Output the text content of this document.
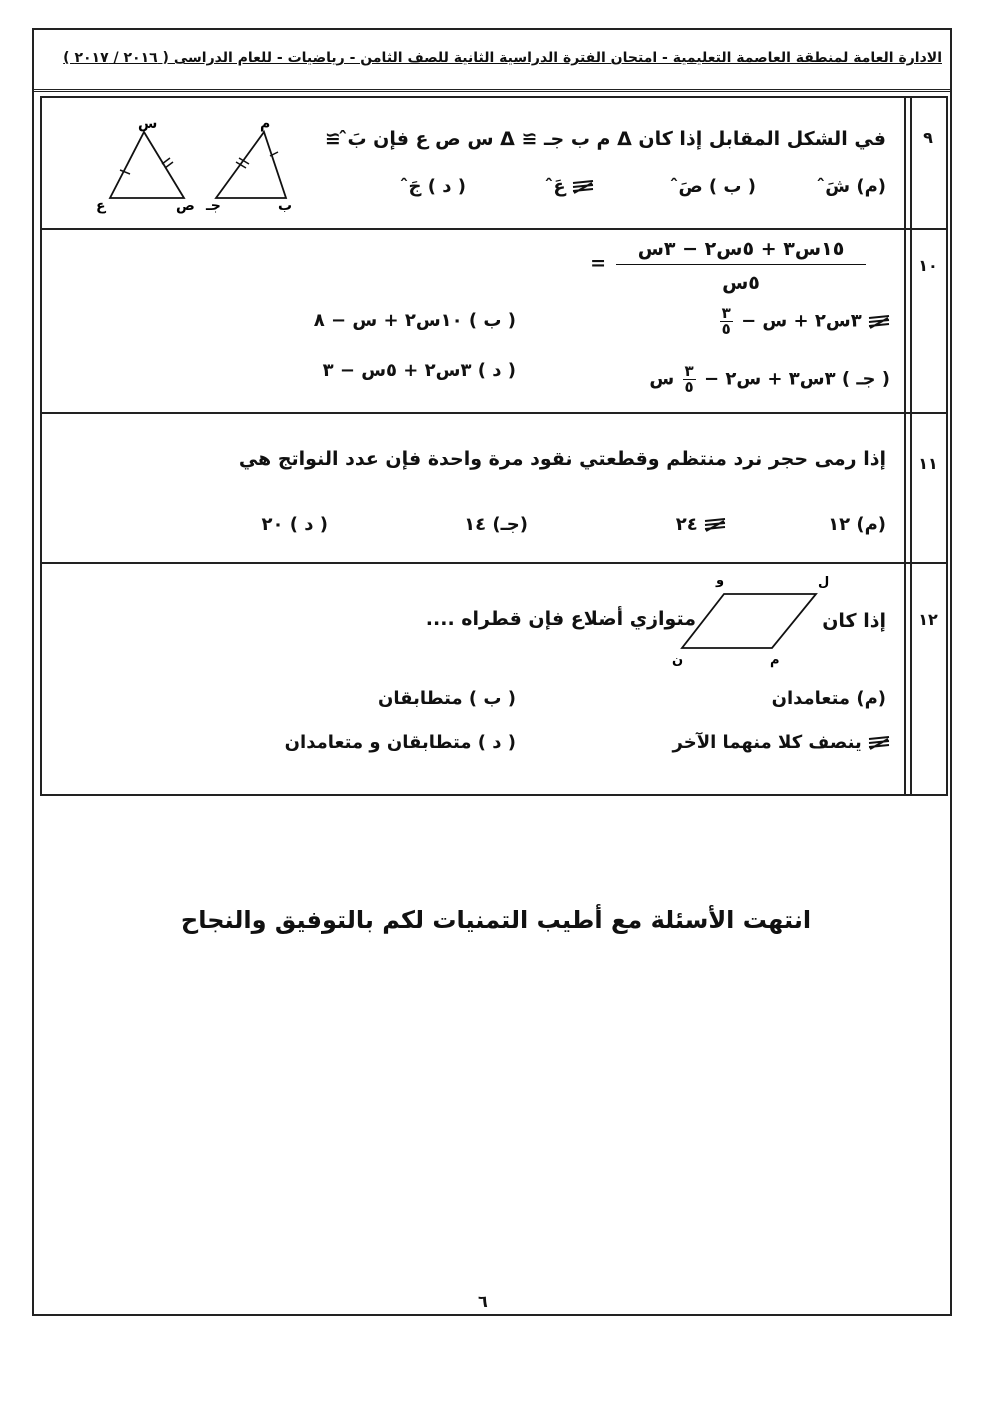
الادارة العامة لمنطقة العاصمة التعليمية - امتحان الفترة الدراسية الثانية للصف الثامن - رياضيات - للعام الدراسى ( ٢٠١٦ / ٢٠١٧ )
٩
في الشكل المقابل إذا كان Δ م ب جـ ≅ Δ س ص ع فإن بَ̂ ≅
(م) شَ̂
( ب ) صَ̂
عَ̂
( د ) جَ̂
س
ع	ص
م
جـ	ب
١٠
١٥س٣ + ٥س٢ − ٣س
٥س
=
٣س٢ + س −
$\frac{٣}{٥}$
( ب ) ١٠س٢ + س − ٨
( جـ ) ٣س٣ + س٢ −
$\frac{٣}{٥}$
س
( د ) ٣س٢ + ٥س − ٣
١١
إذا رمى حجر نرد منتظم وقطعتي نقود مرة واحدة فإن عدد النواتج هي
(م) ١٢
٢٤
(جـ) ١٤
( د ) ٢٠
١٢
إذا كان
متوازي أضلاع فإن قطراه ....
و	ل
ن	م
(م) متعامدان
( ب ) متطابقان
ينصف كلا منهما الآخر
( د ) متطابقان و متعامدان
انتهت الأسئلة مع أطيب التمنيات لكم بالتوفيق والنجاح
٦
